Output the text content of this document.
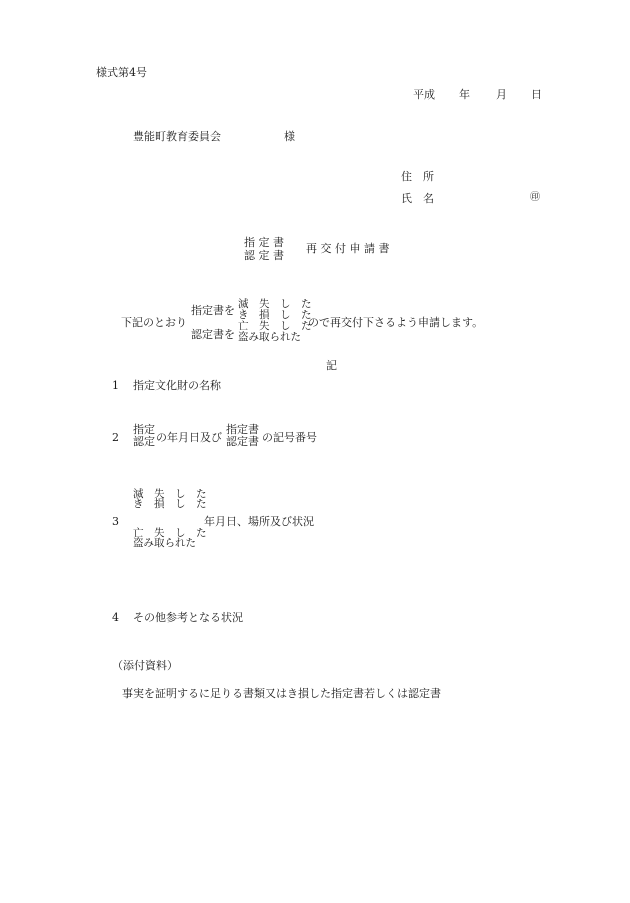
様式第4号
平成 年 月 日
豊能町教育委員会	様
住　所
氏　名	㊞
指 定 書
認 定 書
再 交 付 申 請 書
下記のとおり
指定書を
認定書を
滅　失　し　た
き　損　し　た
亡　失　し　た
盗み取られた
ので再交付下さるよう申請します。
記
1 指定文化財の名称
2
指定
認定 の年月日及び
指定書
認定書 の記号番号
3
滅　失　し　た
き　損　し　た
年月日、場所及び状況
亡　失　し　た
盗み取られた
4 その他参考となる状況
（添付資料）
事実を証明するに足りる書類又はき損した指定書若しくは認定書
